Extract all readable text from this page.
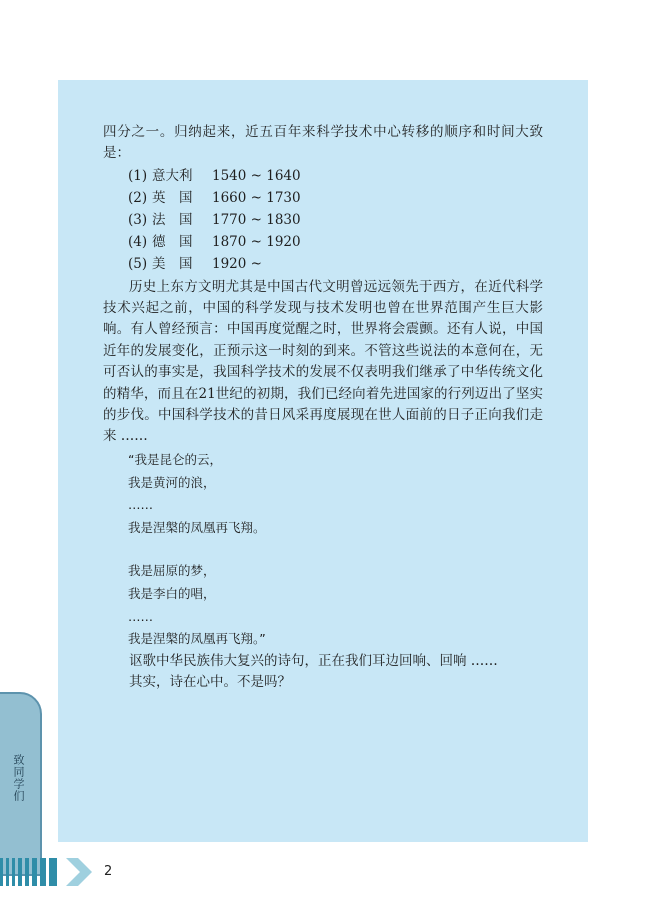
四分之一。归纳起来，近五百年来科学技术中心转移的顺序和时间大致是：

(1) 意大利	1540 ~ 1640
(2) 英　国	1660 ~ 1730
(3) 法　国	1770 ~ 1830
(4) 德　国	1870 ~ 1920
(5) 美　国	1920 ~

历史上东方文明尤其是中国古代文明曾远远领先于西方，在近代科学技术兴起之前，中国的科学发现与技术发明也曾在世界范围产生巨大影响。有人曾经预言：中国再度觉醒之时，世界将会震颤。还有人说，中国近年的发展变化，正预示这一时刻的到来。不管这些说法的本意何在，无可否认的事实是，我国科学技术的发展不仅表明我们继承了中华传统文化的精华，而且在21世纪的初期，我们已经向着先进国家的行列迈出了坚实的步伐。中国科学技术的昔日风采再度展现在世人面前的日子正向我们走来 ……

“我是昆仑的云，
我是黄河的浪，
……
我是涅槃的凤凰再飞翔。
我是屈原的梦，
我是李白的唱，
……
我是涅槃的凤凰再飞翔。”

讴歌中华民族伟大复兴的诗句，正在我们耳边回响、回响 ……

其实，诗在心中。不是吗？

致同学们
2
